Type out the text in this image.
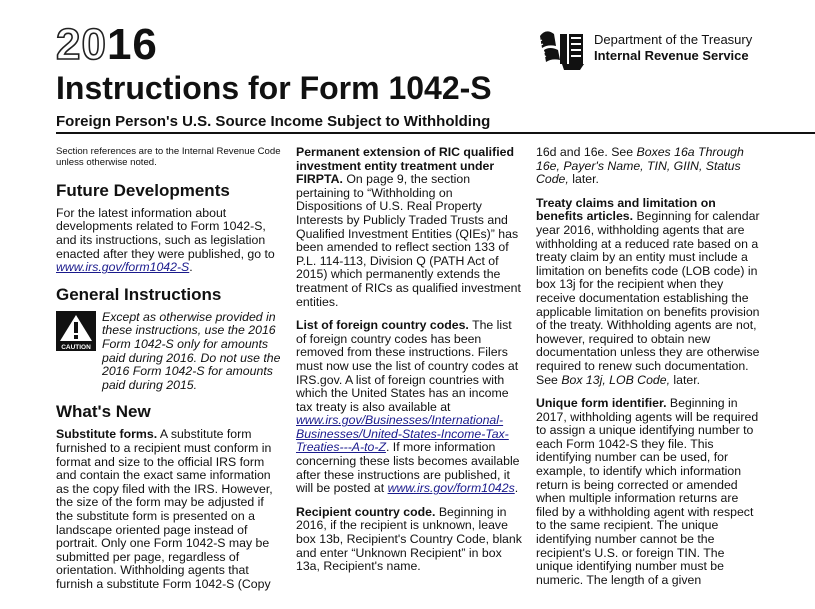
2016
Instructions for Form 1042-S
Foreign Person's U.S. Source Income Subject to Withholding
Department of the Treasury
Internal Revenue Service

Section references are to the Internal Revenue Code unless otherwise noted.

Future Developments

For the latest information about developments related to Form 1042-S, and its instructions, such as legislation enacted after they were published, go to www.irs.gov/form1042-S.

General Instructions
CAUTION
Except as otherwise provided in these instructions, use the 2016 Form 1042-S only for amounts paid during 2016. Do not use the 2016 Form 1042-S for amounts paid during 2015.
What's New

Substitute forms. A substitute form furnished to a recipient must conform in format and size to the official IRS form and contain the exact same information as the copy filed with the IRS. However, the size of the form may be adjusted if the substitute form is presented on a landscape oriented page instead of portrait. Only one Form 1042-S may be submitted per page, regardless of orientation. Withholding agents that furnish a substitute Form 1042-S (Copy

Permanent extension of RIC qualified investment entity treatment under FIRPTA. On page 9, the section pertaining to “Withholding on Dispositions of U.S. Real Property Interests by Publicly Traded Trusts and Qualified Investment Entities (QIEs)” has been amended to reflect section 133 of P.L. 114-113, Division Q (PATH Act of 2015) which permanently extends the treatment of RICs as qualified investment entities.

List of foreign country codes. The list of foreign country codes has been removed from these instructions. Filers must now use the list of country codes at IRS.gov. A list of foreign countries with which the United States has an income tax treaty is also available at www.irs.gov/Businesses/International-Businesses/United-States-Income-Tax-Treaties---A-to-Z. If more information concerning these lists becomes available after these instructions are published, it will be posted at www.irs.gov/form1042s.

Recipient country code. Beginning in 2016, if the recipient is unknown, leave box 13b, Recipient's Country Code, blank and enter “Unknown Recipient” in box 13a, Recipient's name.

16d and 16e. See Boxes 16a Through 16e, Payer's Name, TIN, GIIN, Status Code, later.

Treaty claims and limitation on benefits articles. Beginning for calendar year 2016, withholding agents that are withholding at a reduced rate based on a treaty claim by an entity must include a limitation on benefits code (LOB code) in box 13j for the recipient when they receive documentation establishing the applicable limitation on benefits provision of the treaty. Withholding agents are not, however, required to obtain new documentation unless they are otherwise required to renew such documentation. See Box 13j, LOB Code, later.

Unique form identifier. Beginning in 2017, withholding agents will be required to assign a unique identifying number to each Form 1042-S they file. This identifying number can be used, for example, to identify which information return is being corrected or amended when multiple information returns are filed by a withholding agent with respect to the same recipient. The unique identifying number cannot be the recipient's U.S. or foreign TIN. The unique identifying number must be numeric. The length of a given
